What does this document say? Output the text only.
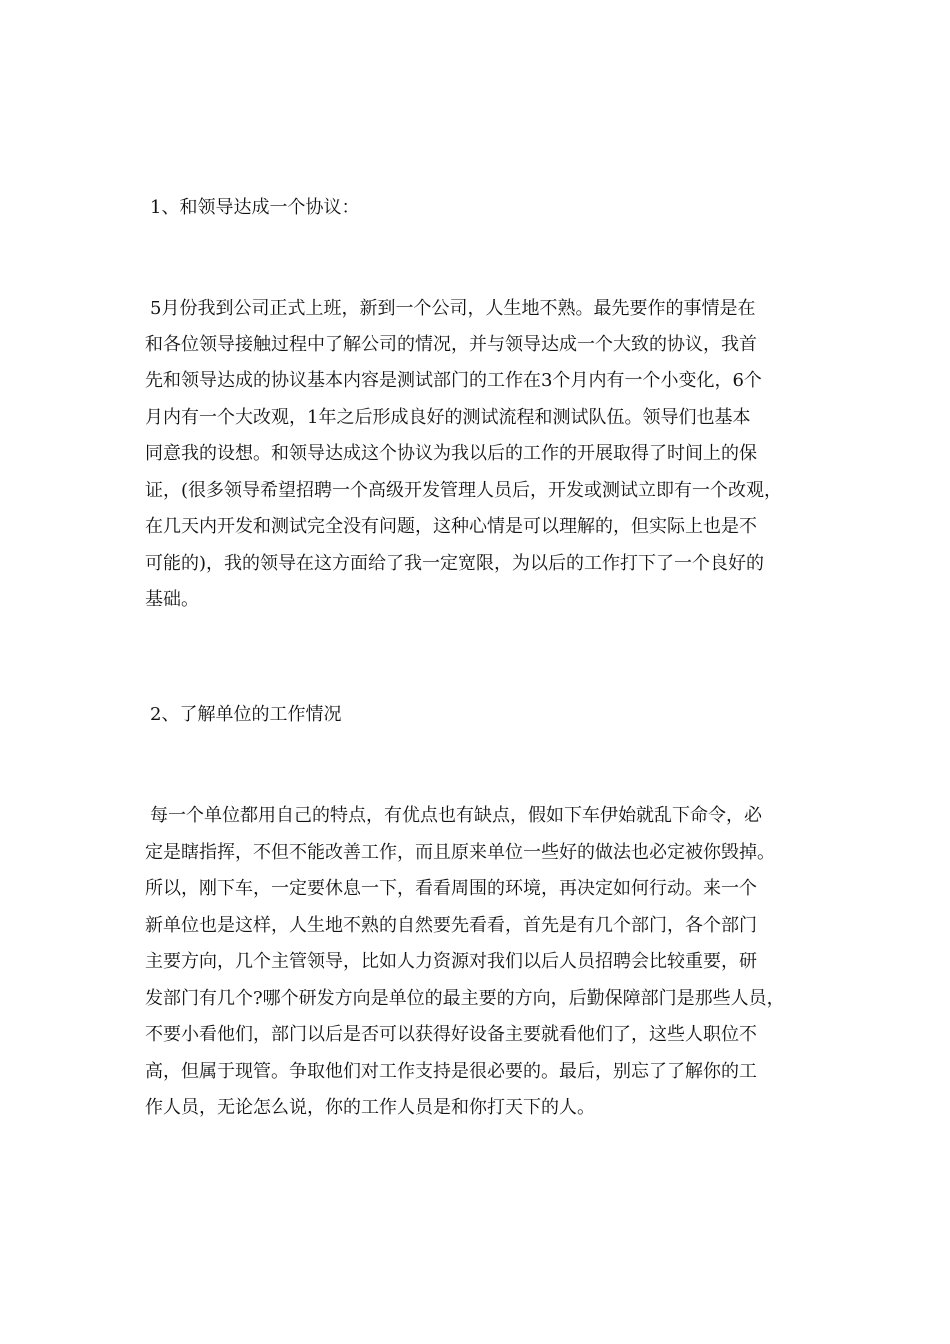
1、和领导达成一个协议：
5月份我到公司正式上班，新到一个公司，人生地不熟。最先要作的事情是在
和各位领导接触过程中了解公司的情况，并与领导达成一个大致的协议，我首
先和领导达成的协议基本内容是测试部门的工作在3个月内有一个小变化，6个
月内有一个大改观，1年之后形成良好的测试流程和测试队伍。领导们也基本
同意我的设想。和领导达成这个协议为我以后的工作的开展取得了时间上的保
证，(很多领导希望招聘一个高级开发管理人员后，开发或测试立即有一个改观，
在几天内开发和测试完全没有问题，这种心情是可以理解的，但实际上也是不
可能的)，我的领导在这方面给了我一定宽限，为以后的工作打下了一个良好的
基础。
2、了解单位的工作情况
每一个单位都用自己的特点，有优点也有缺点，假如下车伊始就乱下命令，必
定是瞎指挥，不但不能改善工作，而且原来单位一些好的做法也必定被你毁掉。
所以，刚下车，一定要休息一下，看看周围的环境，再决定如何行动。来一个
新单位也是这样，人生地不熟的自然要先看看，首先是有几个部门，各个部门
主要方向，几个主管领导，比如人力资源对我们以后人员招聘会比较重要，研
发部门有几个?哪个研发方向是单位的最主要的方向，后勤保障部门是那些人员，
不要小看他们，部门以后是否可以获得好设备主要就看他们了，这些人职位不
高，但属于现管。争取他们对工作支持是很必要的。最后，别忘了了解你的工
作人员，无论怎么说，你的工作人员是和你打天下的人。
